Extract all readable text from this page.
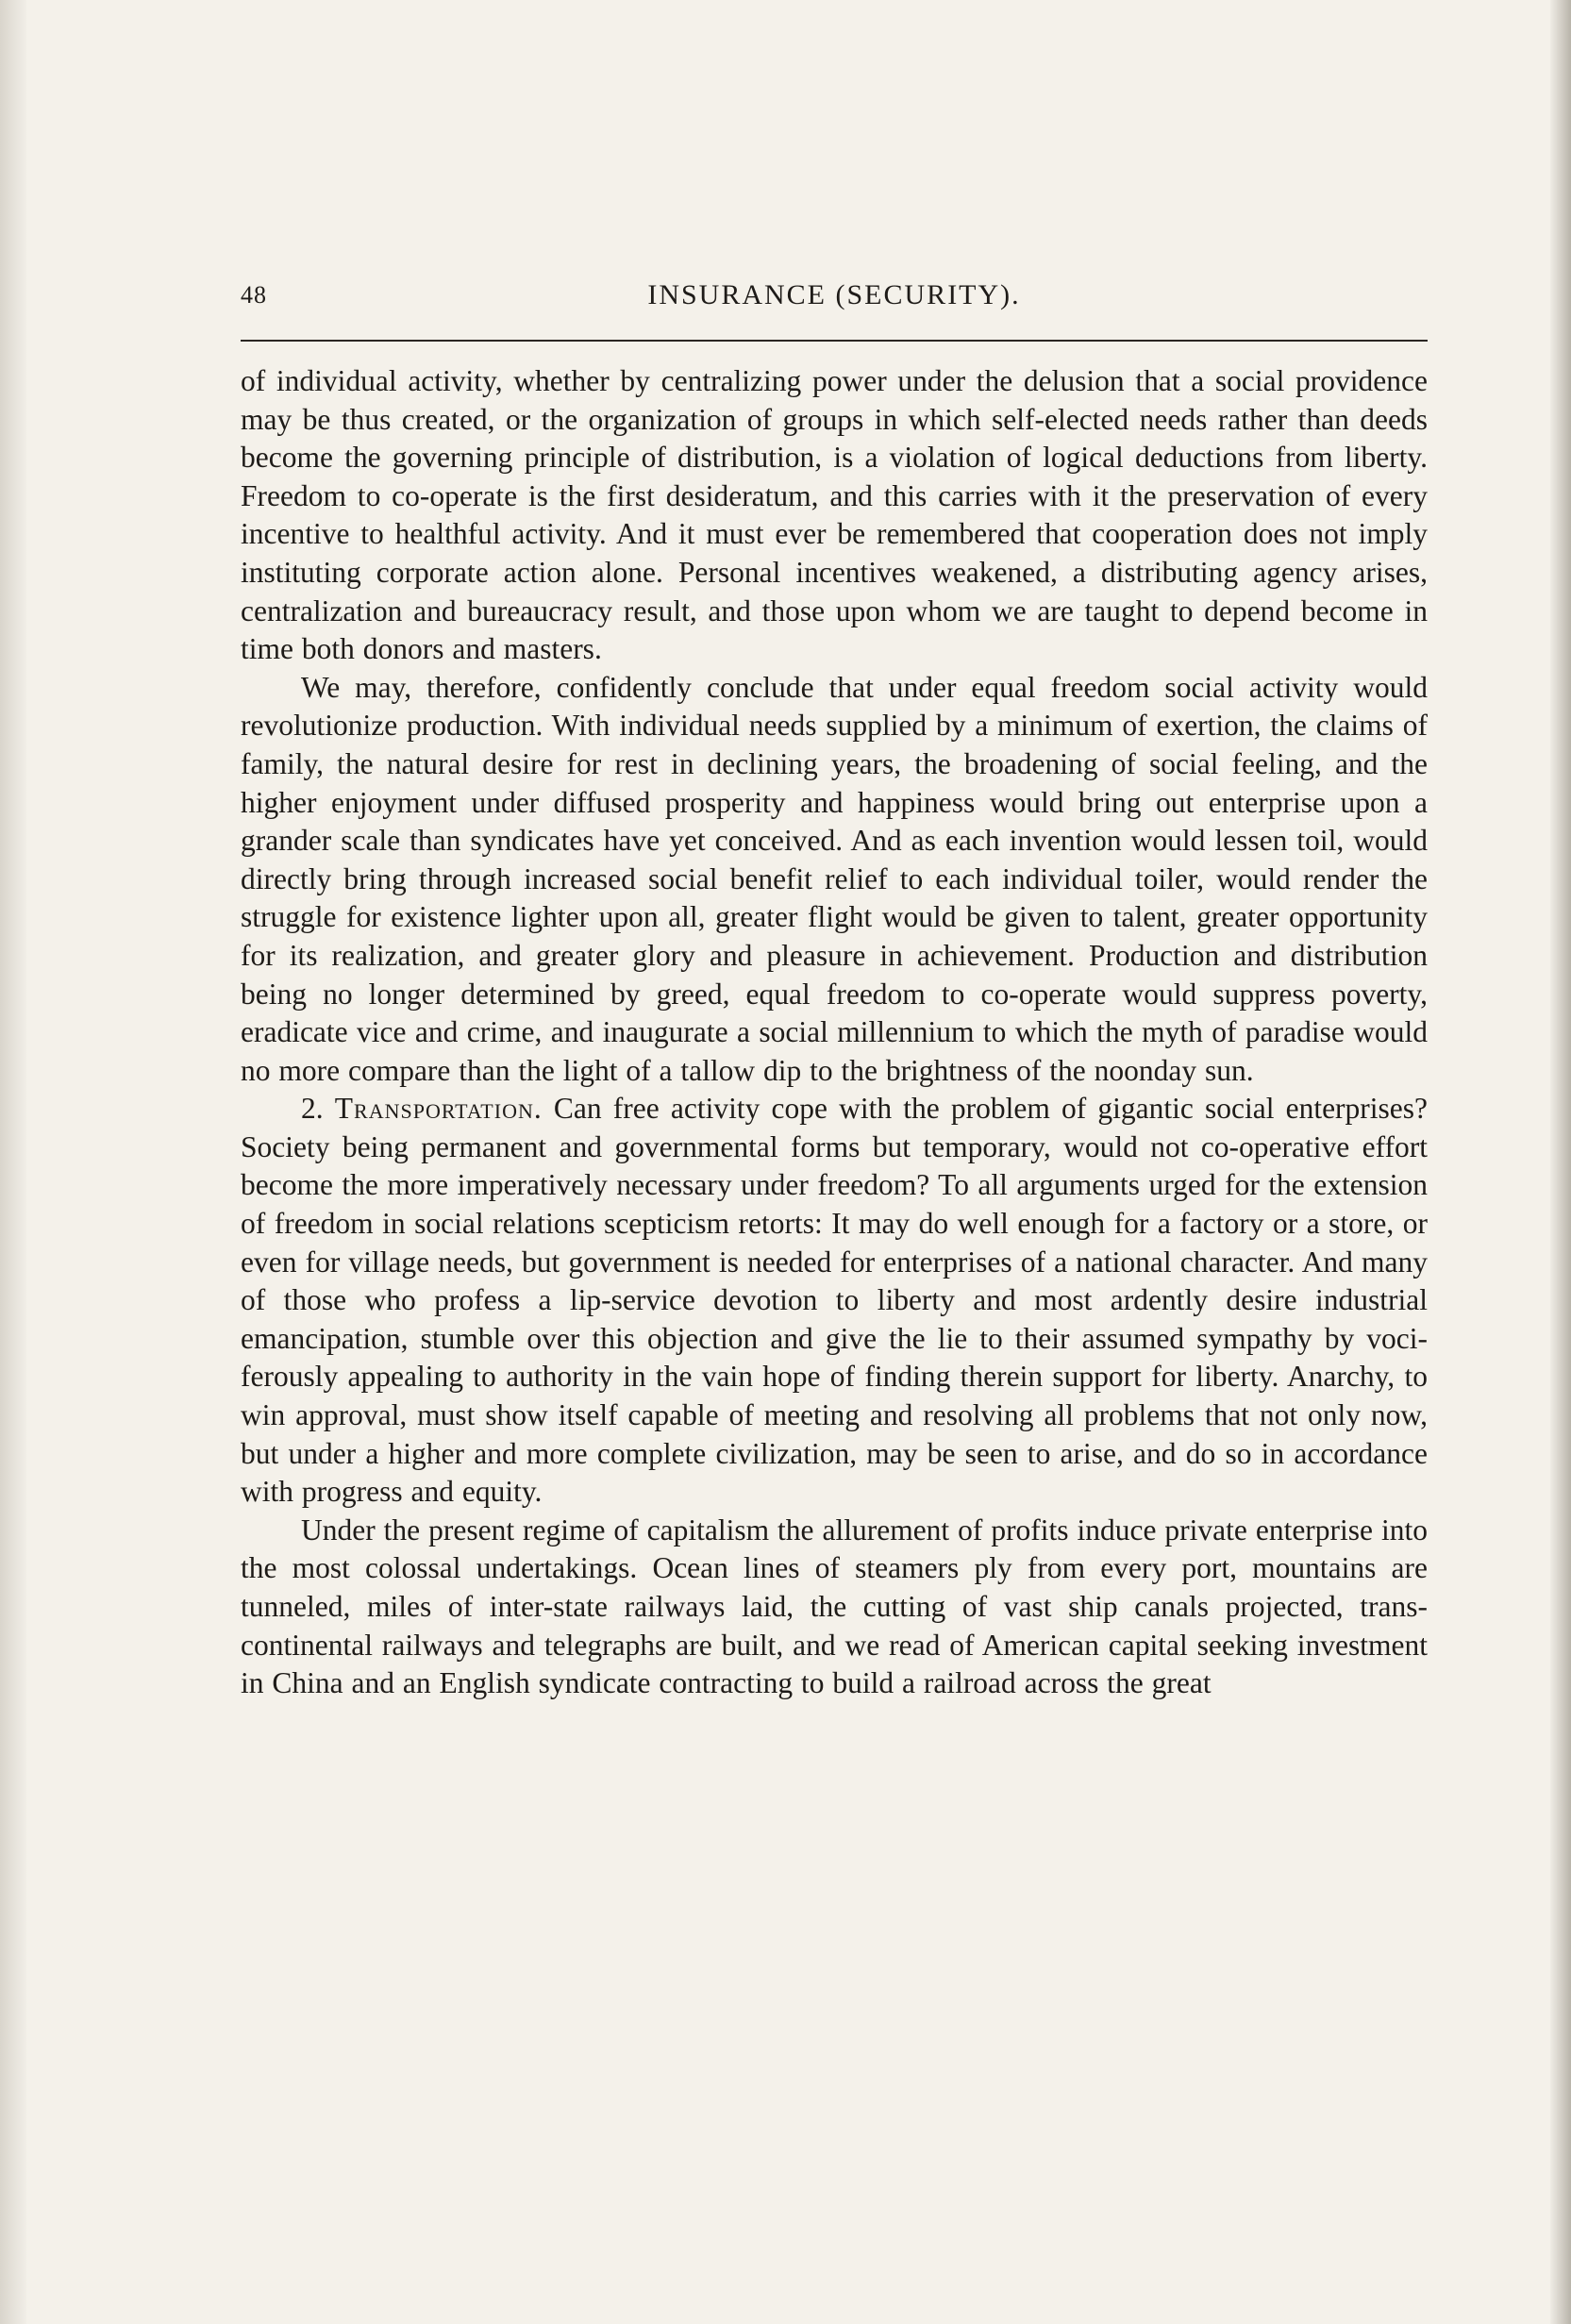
48	INSURANCE (SECURITY).

of individual activity, whether by centralizing power under the delusion that a social providence may be thus created, or the organization of groups in which self-elected needs rather than deeds become the governing principle of distribution, is a violation of logical deductions from liberty. Freedom to co-operate is the first desideratum, and this carries with it the preservation of every incentive to healthful activity. And it must ever be remembered that cooperation does not imply instituting corporate action alone. Personal incentives weakened, a distributing agency arises, centralization and bureaucracy result, and those upon whom we are taught to depend become in time both donors and masters.

We may, therefore, confidently conclude that under equal freedom social activity would revolutionize production. With individual needs supplied by a minimum of exertion, the claims of family, the natural desire for rest in declining years, the broadening of social feeling, and the higher enjoyment under diffused prosperity and happiness would bring out enterprise upon a grander scale than syndicates have yet conceived. And as each invention would lessen toil, would directly bring through increased social benefit relief to each individual toiler, would render the struggle for existence lighter upon all, greater flight would be given to talent, greater opportunity for its realization, and greater glory and pleasure in achievement. Production and distribution being no longer determined by greed, equal freedom to co-operate would suppress poverty, eradicate vice and crime, and inaugurate a social millennium to which the myth of paradise would no more compare than the light of a tallow dip to the brightness of the noonday sun.

2. Transportation. Can free activity cope with the problem of gigantic social enterprises? Society being permanent and governmental forms but temporary, would not co-operative effort become the more imperatively necessary under freedom? To all arguments urged for the extension of freedom in social relations scepticism retorts: It may do well enough for a factory or a store, or even for village needs, but government is needed for enterprises of a national character. And many of those who profess a lip-service devotion to liberty and most ardently desire industrial emancipation, stumble over this objection and give the lie to their assumed sympathy by vociferously appealing to authority in the vain hope of finding therein support for liberty. Anarchy, to win approval, must show itself capable of meeting and resolving all problems that not only now, but under a higher and more complete civilization, may be seen to arise, and do so in accordance with progress and equity.

Under the present regime of capitalism the allurement of profits induce private enterprise into the most colossal undertakings. Ocean lines of steamers ply from every port, mountains are tunneled, miles of inter-state railways laid, the cutting of vast ship canals projected, trans-continental railways and telegraphs are built, and we read of American capital seeking investment in China and an English syndicate contracting to build a railroad across the great
